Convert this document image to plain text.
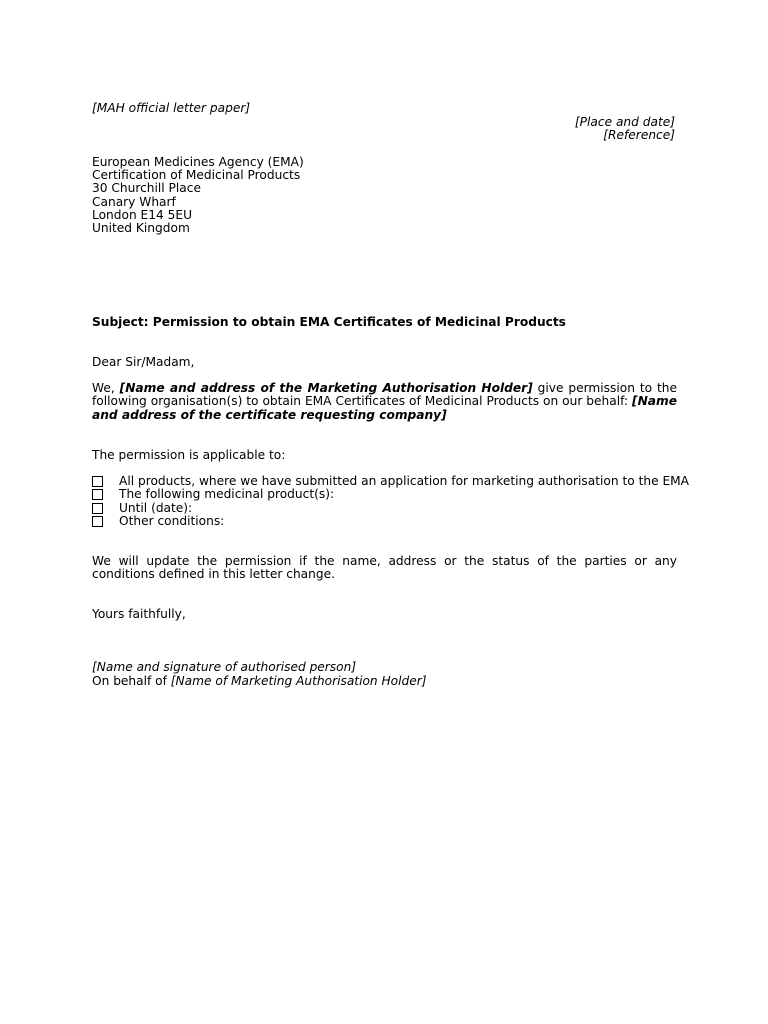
[MAH official letter paper]
[Place and date]
[Reference]
European Medicines Agency (EMA)
Certification of Medicinal Products
30 Churchill Place
Canary Wharf
London E14 5EU
United Kingdom
Subject: Permission to obtain EMA Certificates of Medicinal Products
Dear Sir/Madam,
We, [Name and address of the Marketing Authorisation Holder] give permission to the following organisation(s) to obtain EMA Certificates of Medicinal Products on our behalf: [Name and address of the certificate requesting company]
The permission is applicable to:
All products, where we have submitted an application for marketing authorisation to the EMA
The following medicinal product(s):
Until (date):
Other conditions:
We will update the permission if the name, address or the status of the parties or any conditions defined in this letter change.
Yours faithfully,
[Name and signature of authorised person]
On behalf of [Name of Marketing Authorisation Holder]
